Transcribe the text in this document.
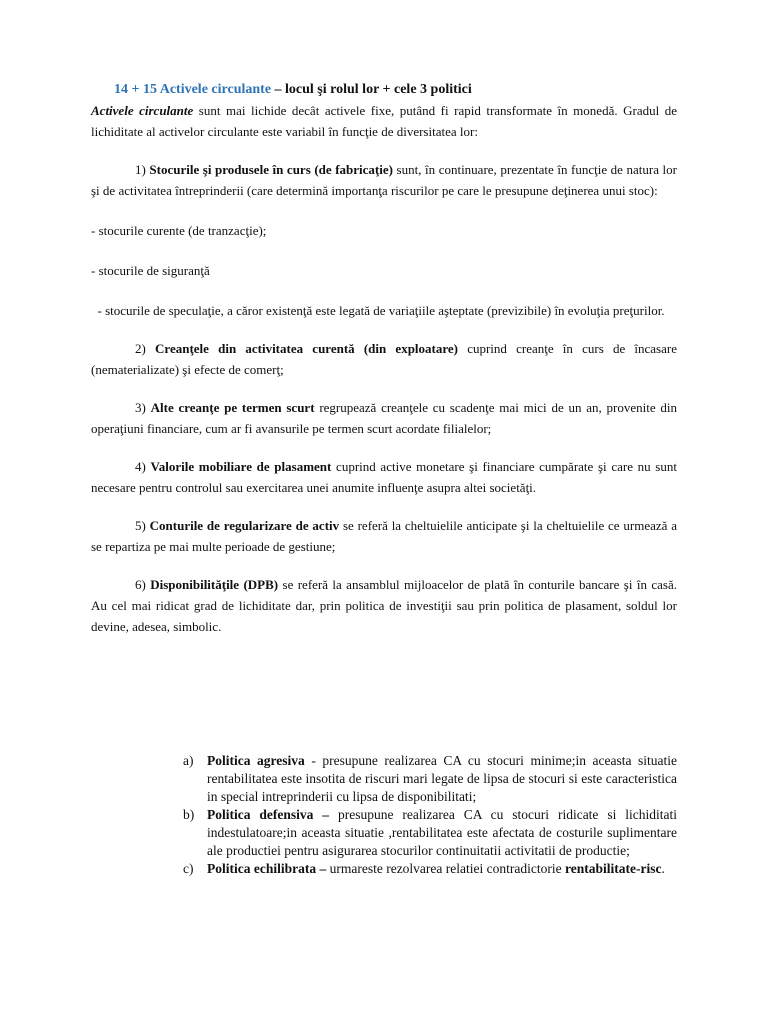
14 + 15 Activele circulante – locul şi rolul lor + cele 3 politici

Activele circulante sunt mai lichide decât activele fixe, putând fi rapid transformate în monedă. Gradul de lichiditate al activelor circulante este variabil în funcţie de diversitatea lor:

1) Stocurile şi produsele în curs (de fabricaţie) sunt, în continuare, prezentate în funcţie de natura lor şi de activitatea întreprinderii (care determină importanţa riscurilor pe care le presupune deţinerea unui stoc):

- stocurile curente (de tranzacţie);

- stocurile de siguranţă

- stocurile de speculaţie, a căror existenţă este legată de variaţiile aşteptate (previzibile) în evoluţia preţurilor.

2) Creanţele din activitatea curentă (din exploatare) cuprind creanţe în curs de încasare (nematerializate) şi efecte de comerţ;

3) Alte creanţe pe termen scurt regrupează creanţele cu scadenţe mai mici de un an, provenite din operaţiuni financiare, cum ar fi avansurile pe termen scurt acordate filialelor;

4) Valorile mobiliare de plasament cuprind active monetare şi financiare cumpărate şi care nu sunt necesare pentru controlul sau exercitarea unei anumite influenţe asupra altei societăţi.

5) Conturile de regularizare de activ se referă la cheltuielile anticipate şi la cheltuielile ce urmează a se repartiza pe mai multe perioade de gestiune;

6) Disponibilităţile (DPB) se referă la ansamblul mijloacelor de plată în conturile bancare şi în casă. Au cel mai ridicat grad de lichiditate dar, prin politica de investiţii sau prin politica de plasament, soldul lor devine, adesea, simbolic.

a)	Politica agresiva - presupune realizarea CA cu stocuri minime;in aceasta situatie rentabilitatea este insotita de riscuri mari legate de lipsa de stocuri si este caracteristica in special intreprinderii cu lipsa de disponibilitati;
b) Politica defensiva – presupune realizarea CA cu stocuri ridicate si lichiditati indestulatoare;in aceasta situatie ,rentabilitatea este afectata de costurile suplimentare ale productiei pentru asigurarea stocurilor continuitatii activitatii de productie;
c)	Politica echilibrata – urmareste rezolvarea relatiei contradictorie rentabilitate-risc.
